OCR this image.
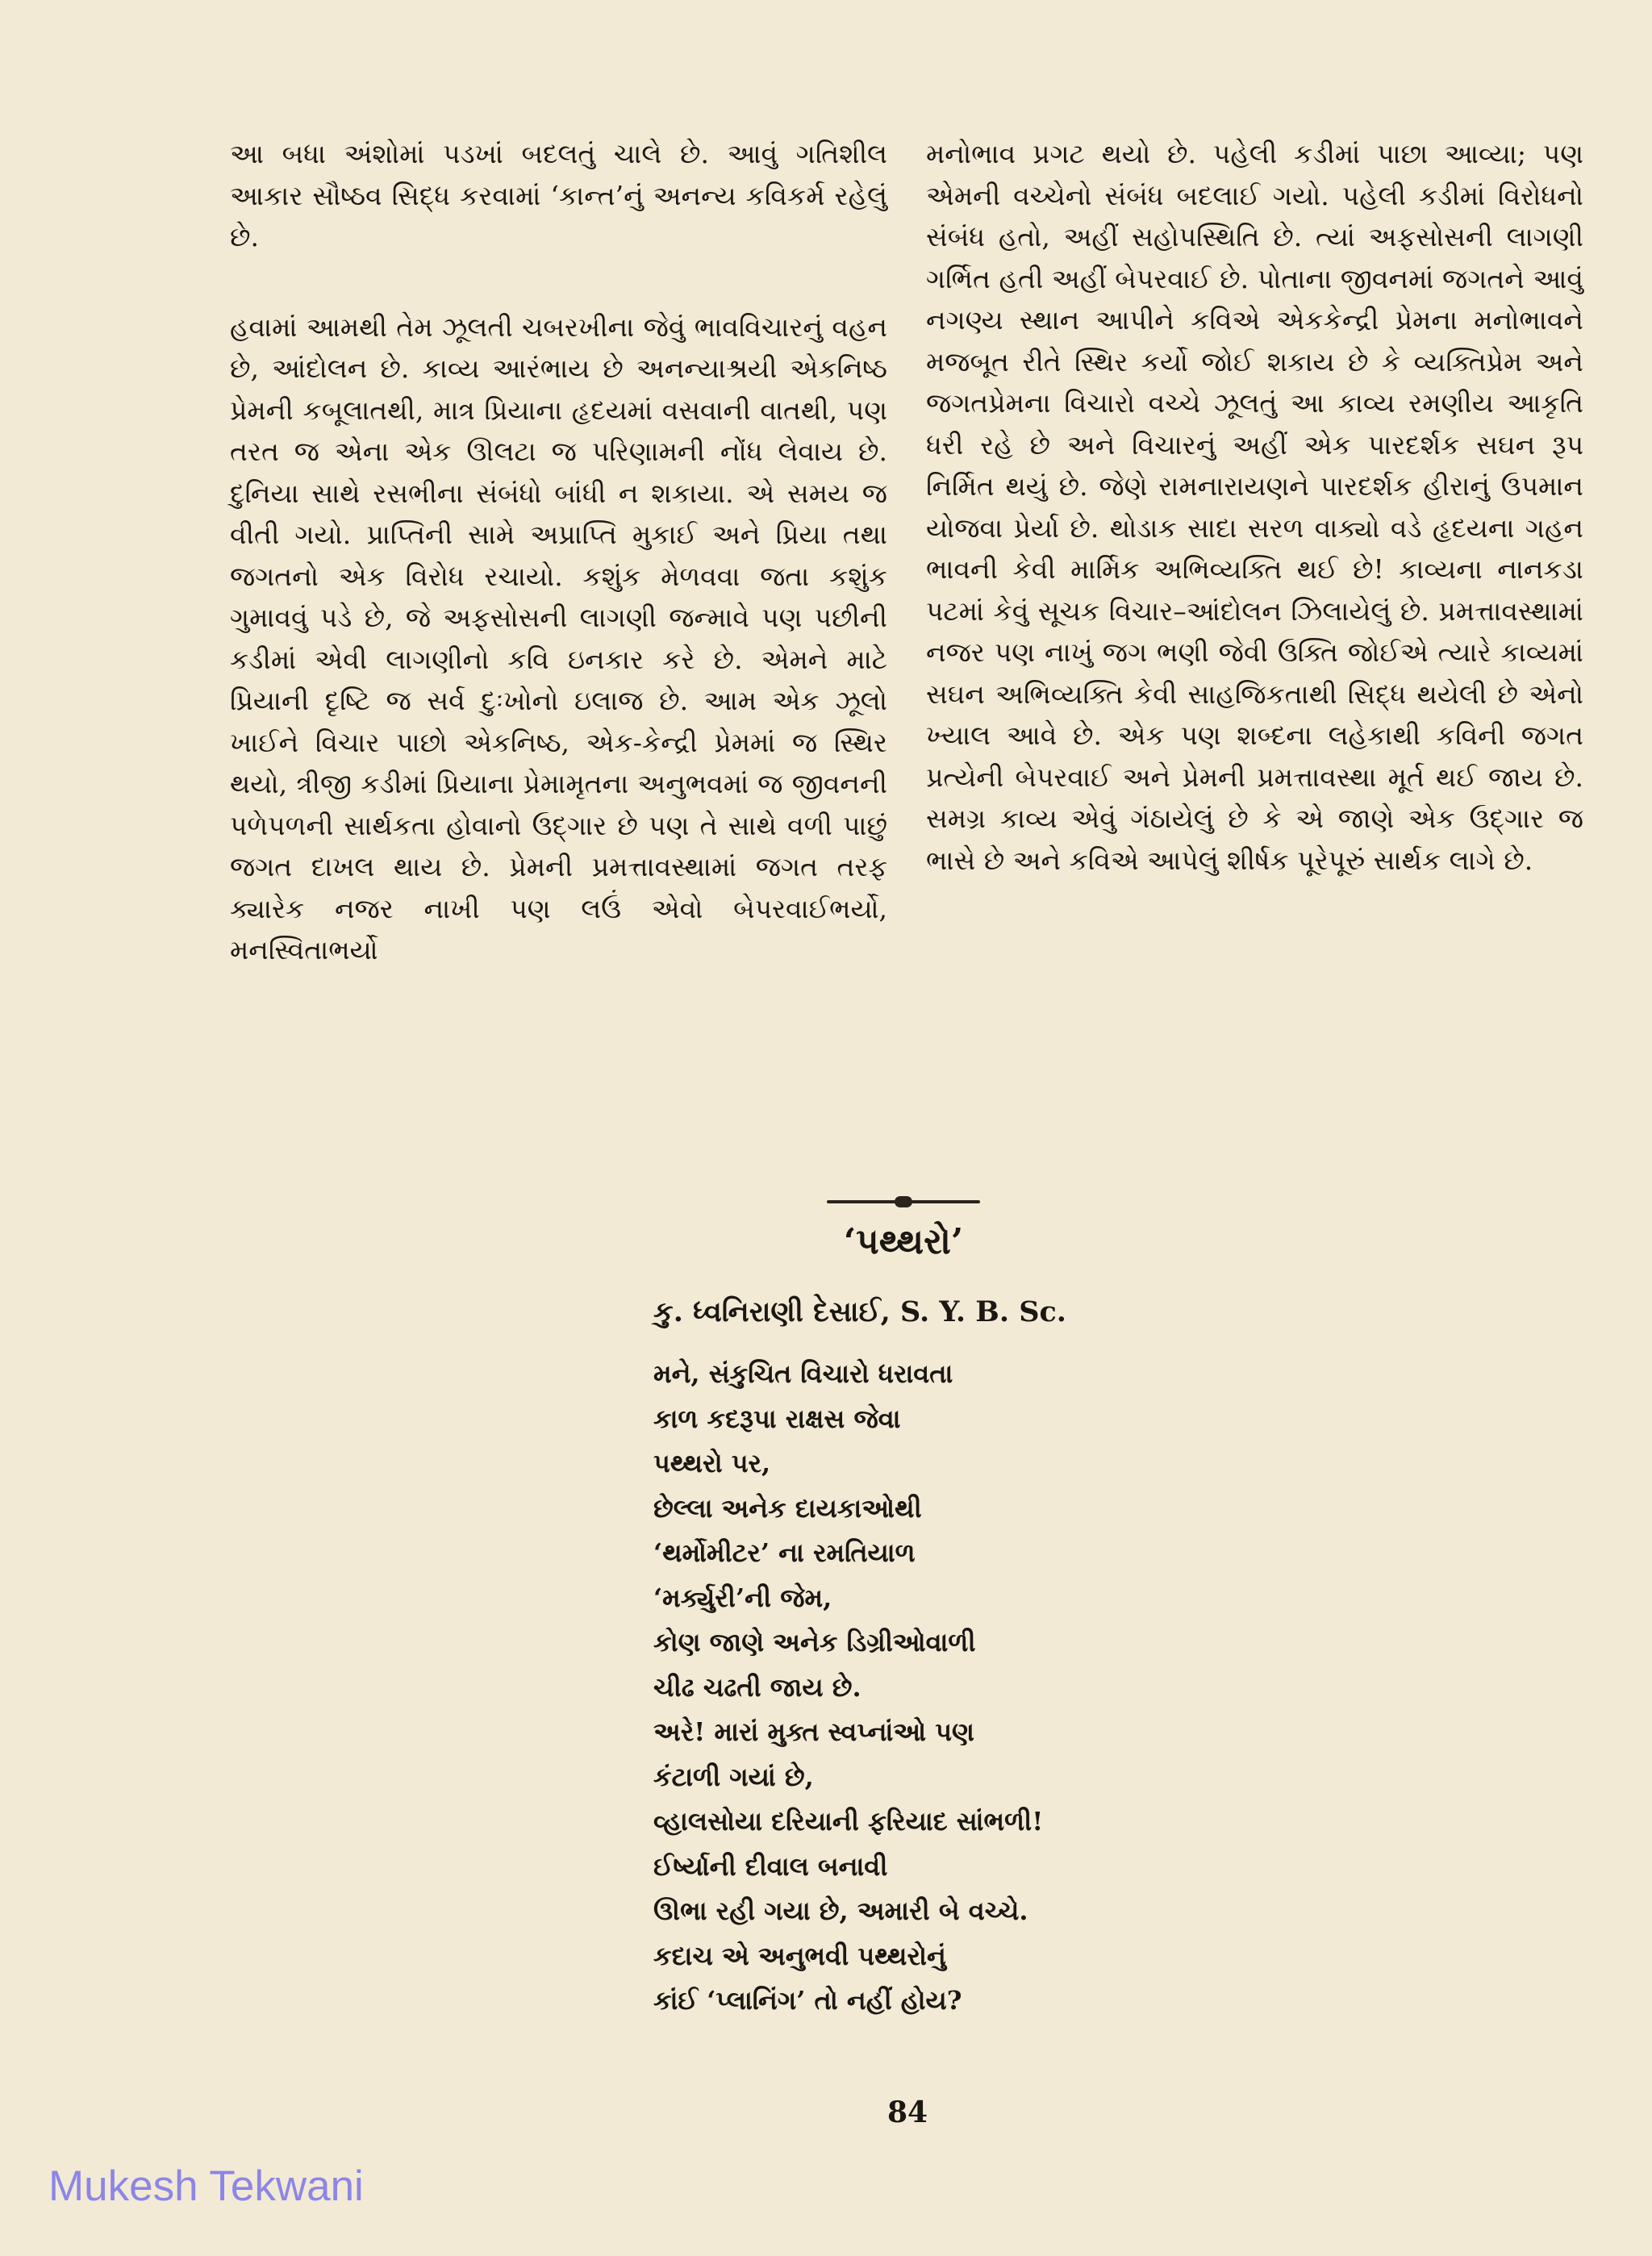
આ બધા અંશોમાં પડખાં બદલતું ચાલે છે. આવું ગતિશીલ આકાર સૌષ્ઠવ સિદ્ધ કરવામાં ‘કાન્ત’નું અનન્ય કવિકર્મ રહેલું છે.

હવામાં આમથી તેમ ઝૂલતી ચબરખીના જેવું ભાવવિચારનું વહન છે, આંદોલન છે. કાવ્ય આરંભાય છે અનન્યાશ્રયી એકનિષ્ઠ પ્રેમની કબૂલાતથી, માત્ર પ્રિયાના હૃદયમાં વસવાની વાતથી, પણ તરત જ એના એક ઊલટા જ પરિણામની નોંધ લેવાય છે. દુનિયા સાથે રસભીના સંબંધો બાંધી ન શકાયા. એ સમય જ વીતી ગયો. પ્રાપ્તિની સામે અપ્રાપ્તિ મુકાઈ અને પ્રિયા તથા જગતનો એક વિરોધ રચાયો. કશુંક મેળવવા જતા કશુંક ગુમાવવું પડે છે, જે અફસોસની લાગણી જન્માવે પણ પછીની કડીમાં એવી લાગણીનો કવિ ઇનકાર કરે છે. એમને માટે પ્રિયાની દૃષ્ટિ જ સર્વ દુઃખોનો ઇલાજ છે. આમ એક ઝૂલો ખાઈને વિચાર પાછો એકનિષ્ઠ, એક-કેન્દ્રી પ્રેમમાં જ સ્થિર થયો, ત્રીજી કડીમાં પ્રિયાના પ્રેમામૃતના અનુભવમાં જ જીવનની પળેપળની સાર્થકતા હોવાનો ઉદ્ગાર છે પણ તે સાથે વળી પાછું જગત દાખલ થાય છે. પ્રેમની પ્રમત્તાવસ્થામાં જગત તરફ ક્યારેક નજર નાખી પણ લઉં એવો બેપરવાઈભર્યો, મનસ્વિતાભર્યો

મનોભાવ પ્રગટ થયો છે. પહેલી કડીમાં પાછા આવ્યા; પણ એમની વચ્ચેનો સંબંધ બદલાઈ ગયો. પહેલી કડીમાં વિરોધનો સંબંધ હતો, અહીં સહોપસ્થિતિ છે. ત્યાં અફસોસની લાગણી ગર્ભિત હતી અહીં બેપરવાઈ છે. પોતાના જીવનમાં જગતને આવું નગણ્ય સ્થાન આપીને કવિએ એકકેન્દ્રી પ્રેમના મનોભાવને મજબૂત રીતે સ્થિર કર્યો જોઈ શકાય છે કે વ્યક્તિપ્રેમ અને જગતપ્રેમના વિચારો વચ્ચે ઝૂલતું આ કાવ્ય રમણીય આકૃતિ ધરી રહે છે અને વિચારનું અહીં એક પારદર્શક સઘન રૂપ નિર્મિત થયું છે. જેણે રામનારાયણને પારદર્શક હીરાનું ઉપમાન યોજવા પ્રેર્યા છે. થોડાક સાદા સરળ વાક્યો વડે હૃદયના ગહન ભાવની કેવી માર્મિક અભિવ્યક્તિ થઈ છે! કાવ્યના નાનકડા પટમાં કેવું સૂચક વિચાર–આંદોલન ઝિલાયેલું છે. પ્રમત્તાવસ્થામાં નજર પણ નાખું જગ ભણી જેવી ઉક્તિ જોઈએ ત્યારે કાવ્યમાં સઘન અભિવ્યક્તિ કેવી સાહજિકતાથી સિદ્ધ થયેલી છે એનો ખ્યાલ આવે છે. એક પણ શબ્દના લહેકાથી કવિની જગત પ્રત્યેની બેપરવાઈ અને પ્રેમની પ્રમત્તાવસ્થા મૂર્ત થઈ જાય છે. સમગ્ર કાવ્ય એવું ગંઠાયેલું છે કે એ જાણે એક ઉદ્ગાર જ ભાસે છે અને કવિએ આપેલું શીર્ષક પૂરેપૂરું સાર્થક લાગે છે.

‘પથ્થરો’
કુ. ધ્વનિરાણી દેસાઈ, S. Y. B. Sc.
મને, સંકુચિત વિચારો ધરાવતા
કાળ કદરૂપા રાક્ષસ જેવા
પથ્થરો પર,
છેલ્લા અનેક દાયકાઓથી
‘થર્મોમીટર’ ના રમતિયાળ
‘મર્ક્યુરી’ની જેમ,
કોણ જાણે અનેક ડિગ્રીઓવાળી
ચીઢ ચઢતી જાય છે.
અરે! મારાં મુક્ત સ્વપ્નાંઓ પણ
કંટાળી ગયાં છે,
વ્હાલસોયા દરિયાની ફરિયાદ સાંભળી!
ઈર્ષ્યાની દીવાલ બનાવી
ઊભા રહી ગયા છે, અમારી બે વચ્ચે.
કદાચ એ અનુભવી પથ્થરોનું
કાંઈ ‘પ્લાનિંગ’ તો નહીં હોય?
84
Mukesh Tekwani
